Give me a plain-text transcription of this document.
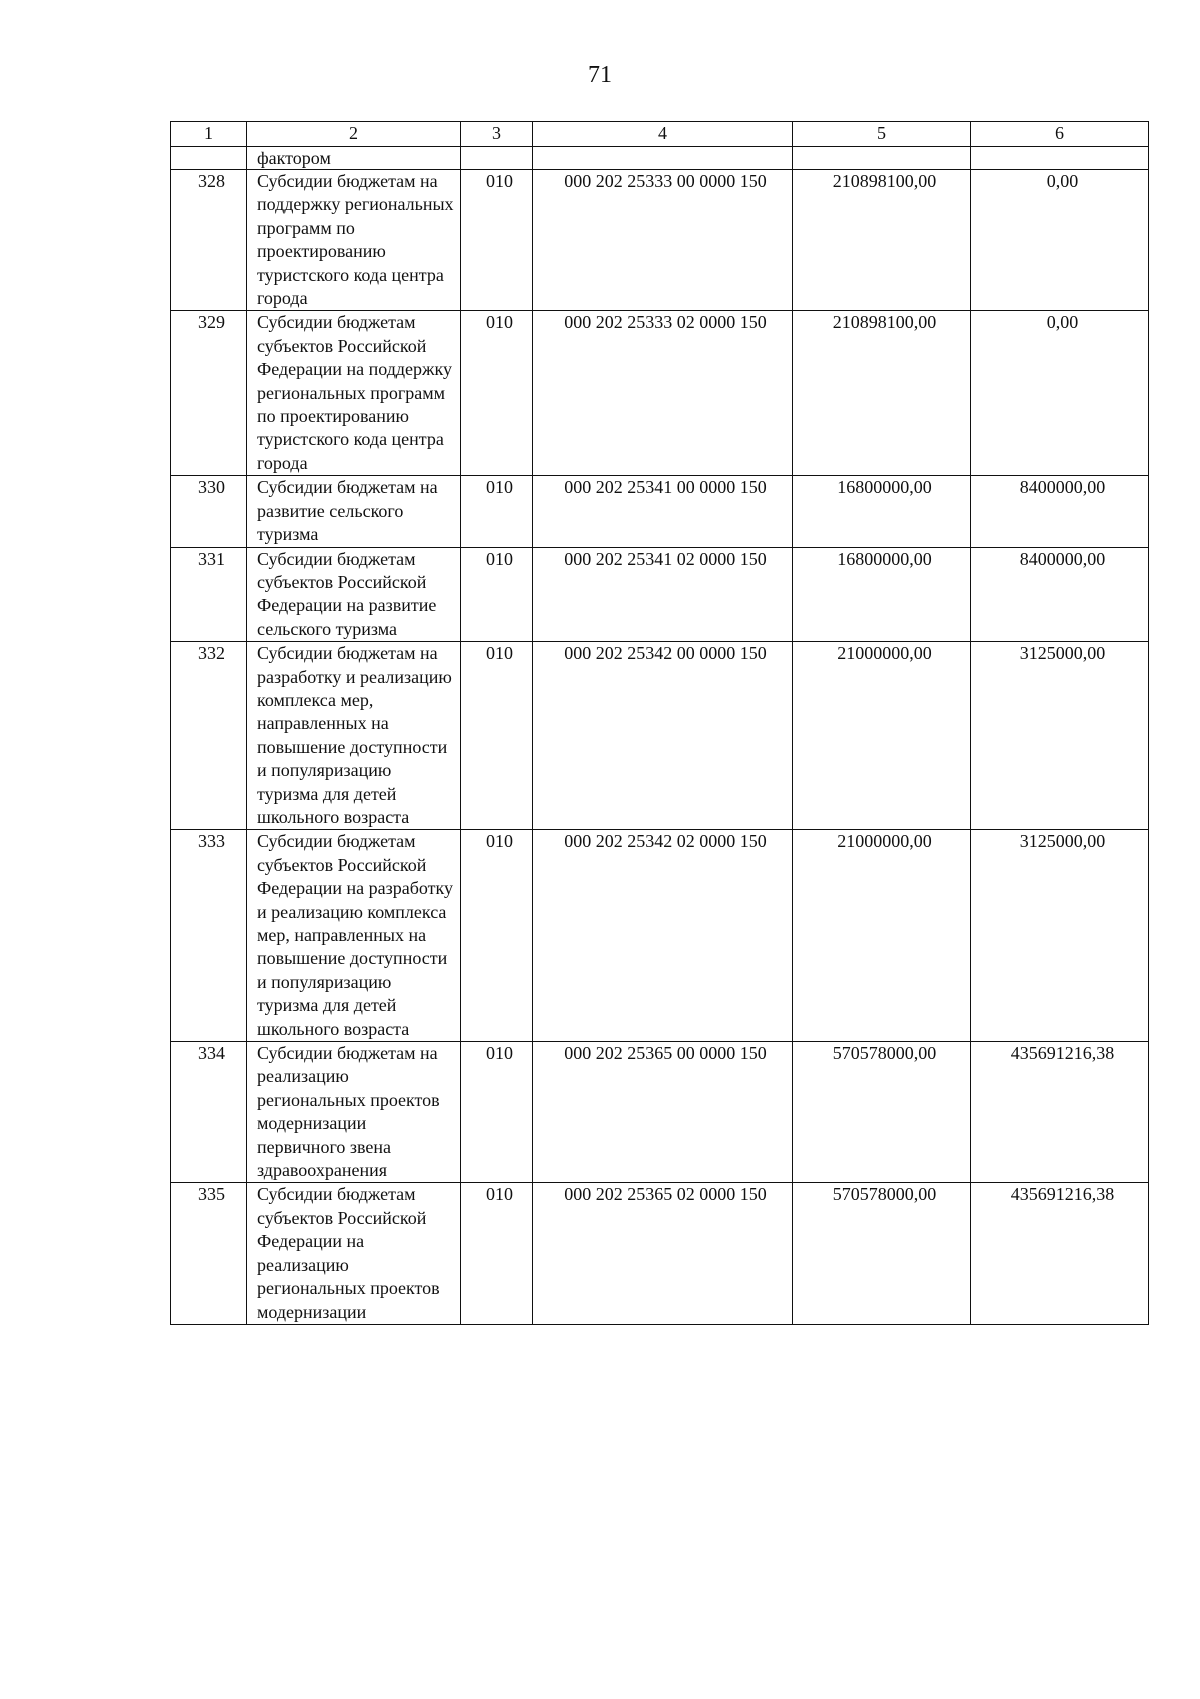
71
1	2	3	4	5	6
	фактором				
328	Субсидии бюджетам на поддержку региональных программ по проектированию туристского кода центра города	010	000 202 25333 00 0000 150	210898100,00	0,00
329	Субсидии бюджетам субъектов Российской Федерации на поддержку региональных программ по проектированию туристского кода центра города	010	000 202 25333 02 0000 150	210898100,00	0,00
330	Субсидии бюджетам на развитие сельского туризма	010	000 202 25341 00 0000 150	16800000,00	8400000,00
331	Субсидии бюджетам субъектов Российской Федерации на развитие сельского туризма	010	000 202 25341 02 0000 150	16800000,00	8400000,00
332	Субсидии бюджетам на разработку и реализацию комплекса мер, направленных на повышение доступности и популяризацию туризма для детей школьного возраста	010	000 202 25342 00 0000 150	21000000,00	3125000,00
333	Субсидии бюджетам субъектов Российской Федерации на разработку и реализацию комплекса мер, направленных на повышение доступности и популяризацию туризма для детей школьного возраста	010	000 202 25342 02 0000 150	21000000,00	3125000,00
334	Субсидии бюджетам на реализацию региональных проектов модернизации первичного звена здравоохранения	010	000 202 25365 00 0000 150	570578000,00	435691216,38
335	Субсидии бюджетам субъектов Российской Федерации на реализацию региональных проектов модернизации	010	000 202 25365 02 0000 150	570578000,00	435691216,38
